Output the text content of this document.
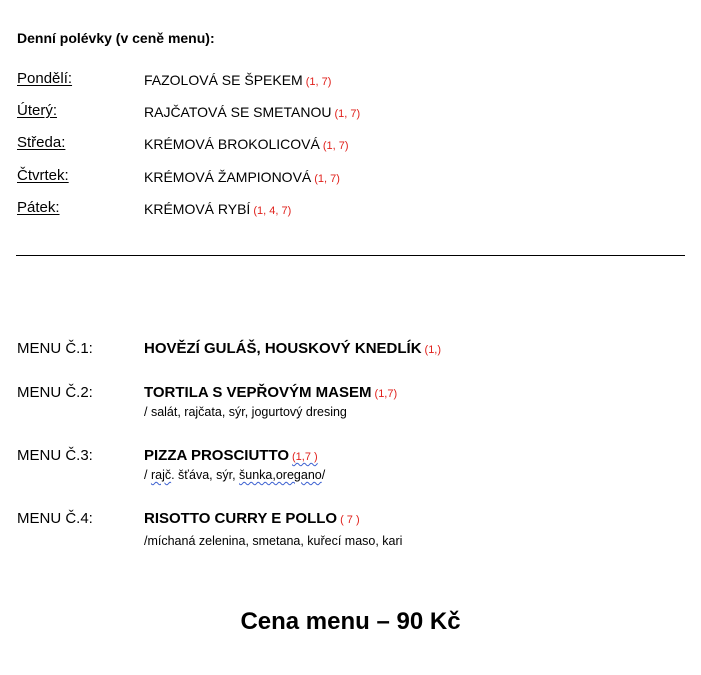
Denní polévky (v ceně menu):
Pondělí:	FAZOLOVÁ SE ŠPEKEM (1, 7)
Úterý:	RAJČATOVÁ SE SMETANOU (1, 7)
Středa:	KRÉMOVÁ BROKOLICOVÁ (1, 7)
Čtvrtek:	KRÉMOVÁ ŽAMPIONOVÁ (1, 7)
Pátek:	KRÉMOVÁ RYBÍ (1, 4, 7)
MENU Č.1:	HOVĚZÍ GULÁŠ, HOUSKOVÝ KNEDLÍK (1,)
MENU Č.2:	TORTILA S VEPŘOVÝM MASEM (1,7)
/ salát, rajčata, sýr, jogurtový dresing
MENU Č.3:	PIZZA PROSCIUTTO (1,7 )
/ rajč. šťáva, sýr, šunka,oregano/
MENU Č.4:	RISOTTO CURRY E POLLO ( 7 )
/míchaná zelenina, smetana, kuřecí maso, kari
Cena menu – 90 Kč
